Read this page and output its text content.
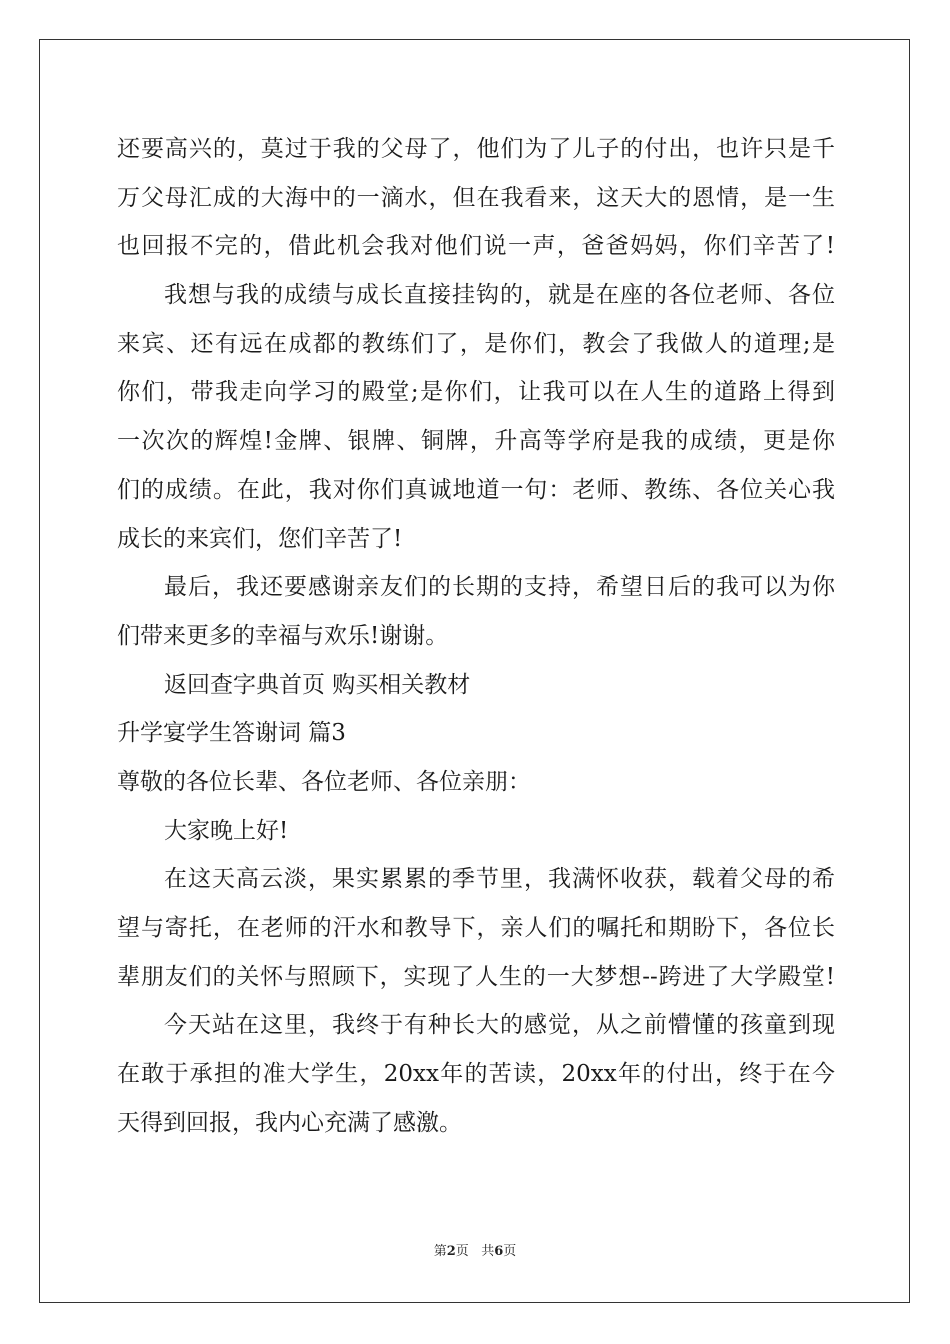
还要高兴的，莫过于我的父母了，他们为了儿子的付出，也许只是千
万父母汇成的大海中的一滴水，但在我看来，这天大的恩情，是一生
也回报不完的，借此机会我对他们说一声，爸爸妈妈，你们辛苦了!
我想与我的成绩与成长直接挂钩的，就是在座的各位老师、各位
来宾、还有远在成都的教练们了，是你们，教会了我做人的道理;是
你们，带我走向学习的殿堂;是你们，让我可以在人生的道路上得到
一次次的辉煌!金牌、银牌、铜牌，升高等学府是我的成绩，更是你
们的成绩。在此，我对你们真诚地道一句：老师、教练、各位关心我
成长的来宾们，您们辛苦了!
最后，我还要感谢亲友们的长期的支持，希望日后的我可以为你
们带来更多的幸福与欢乐!谢谢。
返回查字典首页 购买相关教材
升学宴学生答谢词 篇3
尊敬的各位长辈、各位老师、各位亲朋：
大家晚上好!
在这天高云淡，果实累累的季节里，我满怀收获，载着父母的希
望与寄托，在老师的汗水和教导下，亲人们的嘱托和期盼下，各位长
辈朋友们的关怀与照顾下，实现了人生的一大梦想--跨进了大学殿堂!
今天站在这里，我终于有种长大的感觉，从之前懵懂的孩童到现
在敢于承担的准大学生，20xx年的苦读，20xx年的付出，终于在今
天得到回报，我内心充满了感激。
第2页 共6页
